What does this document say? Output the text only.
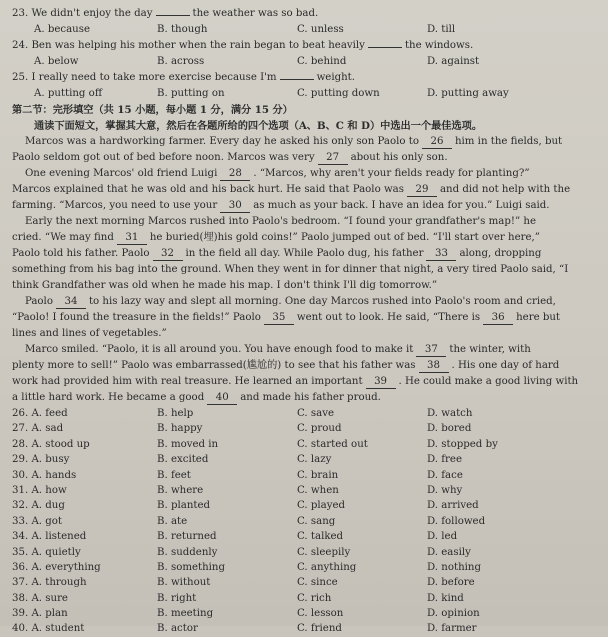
23. We didn't enjoy the day	the weather was so bad.
A. because	B. though	C. unless	D. till
24. Ben was helping his mother when the rain began to beat heavily	the windows.
A. below	B. across	C. behind	D. against
25. I really need to take more exercise because I'm	weight.
A. putting off	B. putting on	C. putting down	D. putting away
第二节：完形填空（共 15 小题，每小题 1 分，满分 15 分）
通读下面短文，掌握其大意，然后在各题所给的四个选项（A、B、C 和 D）中选出一个最佳选项。
Marcos was a hardworking farmer. Every day he asked his only son Paolo to 26 him in the fields, but
Paolo seldom got out of bed before noon. Marcos was very 27 about his only son.
One evening Marcos' old friend Luigi 28 . “Marcos, why aren't your fields ready for planting?”
Marcos explained that he was old and his back hurt. He said that Paolo was 29 and did not help with the
farming. “Marcos, you need to use your 30 as much as your back. I have an idea for you.” Luigi said.
Early the next morning Marcos rushed into Paolo's bedroom. “I found your grandfather's map!” he
cried. “We may find 31 he buried(埋)his gold coins!” Paolo jumped out of bed. “I'll start over here,”
Paolo told his father. Paolo 32 in the field all day. While Paolo dug, his father 33 along, dropping
something from his bag into the ground. When they went in for dinner that night, a very tired Paolo said, “I
think Grandfather was old when he made his map. I don't think I'll dig tomorrow.”
Paolo 34 to his lazy way and slept all morning. One day Marcos rushed into Paolo's room and cried,
“Paolo! I found the treasure in the fields!” Paolo 35 went out to look. He said, “There is 36 here but
lines and lines of vegetables.”
Marco smiled. “Paolo, it is all around you. You have enough food to make it 37 the winter, with
plenty more to sell!” Paolo was embarrassed(尴尬的) to see that his father was 38 . His one day of hard
work had provided him with real treasure. He learned an important 39 . He could make a good living with
a little hard work. He became a good 40 and made his father proud.
26. A. feed	B. help	C. save	D. watch
27. A. sad	B. happy	C. proud	D. bored
28. A. stood up	B. moved in	C. started out	D. stopped by
29. A. busy	B. excited	C. lazy	D. free
30. A. hands	B. feet	C. brain	D. face
31. A. how	B. where	C. when	D. why
32. A. dug	B. planted	C. played	D. arrived
33. A. got	B. ate	C. sang	D. followed
34. A. listened	B. returned	C. talked	D. led
35. A. quietly	B. suddenly	C. sleepily	D. easily
36. A. everything	B. something	C. anything	D. nothing
37. A. through	B. without	C. since	D. before
38. A. sure	B. right	C. rich	D. kind
39. A. plan	B. meeting	C. lesson	D. opinion
40. A. student	B. actor	C. friend	D. farmer
